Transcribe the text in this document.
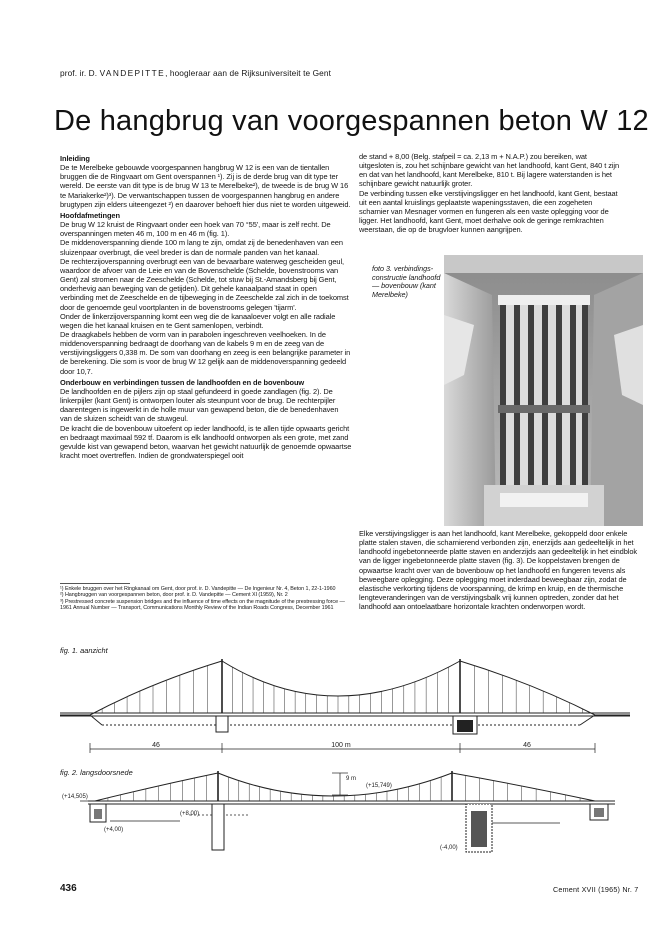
prof. ir. D. VANDEPITTE, hoogleraar aan de Rijksuniversiteit te Gent
De hangbrug van voorgespannen beton W 12
Inleiding

De te Merelbeke gebouwde voorgespannen hangbrug W 12 is een van de tientallen bruggen die de Ringvaart om Gent overspannen ¹). Zij is de derde brug van dit type ter wereld. De eerste van dit type is de brug W 13 te Merelbeke²), de tweede is de brug W 16 te Mariakerke²)³). De verwantschappen tussen de voorgespannen hangbrug en andere brugtypen zijn elders uiteengezet ²) en daarover behoeft hier dus niet te worden uitgeweid.

Hoofdafmetingen

De brug W 12 kruist de Ringvaart onder een hoek van 70 °55', maar is zelf recht. De overspanningen meten 46 m, 100 m en 46 m (fig. 1).

De middenoverspanning diende 100 m lang te zijn, omdat zij de benedenhaven van een sluizenpaar overbrugt, die veel breder is dan de normale panden van het kanaal.

De rechterzijoverspanning overbrugt een van de bevaarbare waterweg gescheiden geul, waardoor de afvoer van de Leie en van de Bovenschelde (Schelde, bovenstrooms van Gent) zal stromen naar de Zeeschelde (Schelde, tot stuw bij St.-Amandsberg bij Gent, onderhevig aan beweging van de getijden). Dit gehele kanaalpand staat in open verbinding met de Zeeschelde en de tijbeweging in de Zeeschelde zal zich in de toekomst door de genoemde geul voortplanten in de bovenstrooms gelegen 'tijarm'.

Onder de linkerzijoverspanning komt een weg die de kanaaloever volgt en alle radiale wegen die het kanaal kruisen en te Gent samenlopen, verbindt.

De draagkabels hebben de vorm van in parabolen ingeschreven veelhoeken. In de middenoverspanning bedraagt de doorhang van de kabels 9 m en de zeeg van de verstijvingsliggers 0,338 m. De som van doorhang en zeeg is een belangrijke parameter in de berekening. Die som is voor de brug W 12 gelijk aan de middenoverspanning gedeeld door 10,7.

Onderbouw en verbindingen tussen de landhoofden en de bovenbouw

De landhoofden en de pijlers zijn op staal gefundeerd in goede zandlagen (fig. 2). De linkerpijler (kant Gent) is ontworpen louter als steunpunt voor de brug. De rechterpijler daarentegen is ingewerkt in de holle muur van gewapend beton, die de benedenhaven van de sluizen scheidt van de stuwgeul.

De kracht die de bovenbouw uitoefent op ieder landhoofd, is te allen tijde opwaarts gericht en bedraagt maximaal 592 tf. Daarom is elk landhoofd ontworpen als een grote, met zand gevulde kist van gewapend beton, waarvan het gewicht natuurlijk de genoemde opwaartse kracht moet overtreffen. Indien de grondwaterspiegel ooit

¹) Enkele bruggen over het Ringkanaal om Gent, door prof. ir. D. Vandepitte — De Ingenieur Nr. 4, Beton 1, 22-1-1960

²) Hangbruggen van voorgespannen beton, door prof. ir. D. Vandepitte — Cement XI (1959), Nr. 2

³) Prestressed concrete suspension bridges and the influence of time effects on the magnitude of the prestressing force — 1961 Annual Number — Transport, Communications Monthly Review of the Indian Roads Congress, December 1961

de stand + 8,00 (Belg. stafpeil = ca. 2,13 m + N.A.P.) zou bereiken, wat uitgesloten is, zou het schijnbare gewicht van het landhoofd, kant Gent, 840 t zijn en dat van het landhoofd, kant Merelbeke, 810 t. Bij lagere waterstanden is het schijnbare gewicht natuurlijk groter.

De verbinding tussen elke verstijvingsligger en het landhoofd, kant Gent, bestaat uit een aantal kruislings geplaatste wapeningsstaven, die een zogeheten scharnier van Mesnager vormen en fungeren als een vaste oplegging voor de ligger. Het landhoofd, kant Gent, moet derhalve ook de geringe remkrachten weerstaan, die op de brugvloer kunnen aangrijpen.

foto 3. verbindings-constructie landhoofd — bovenbouw (kant Merelbeke)

Elke verstijvingsligger is aan het landhoofd, kant Merelbeke, gekoppeld door enkele platte stalen staven, die scharnierend verbonden zijn, enerzijds aan gedeeltelijk in het landhoofd ingebetonneerde platte staven en anderzijds aan gedeeltelijk in het eindblok van de ligger ingebetonneerde platte staven (fig. 3). De koppelstaven brengen de opwaartse kracht over van de bovenbouw op het landhoofd en fungeren tevens als beweegbare oplegging. Deze oplegging moet inderdaad beweegbaar zijn, zodat de elastische verkorting tijdens de voorspanning, de krimp en kruip, en de thermische lengteveranderingen van de verstijvingsbalk vrij kunnen optreden, zonder dat het landhoofd aan ontoelaatbare horizontale krachten onderworpen wordt.

fig. 1. aanzicht
46	100 m	46
fig. 2. langsdoorsnede
9 m
(+14,505)
(+15,749)
(+8,00)
(+4,00)
(-4,00)
436	Cement XVII (1965) Nr. 7
